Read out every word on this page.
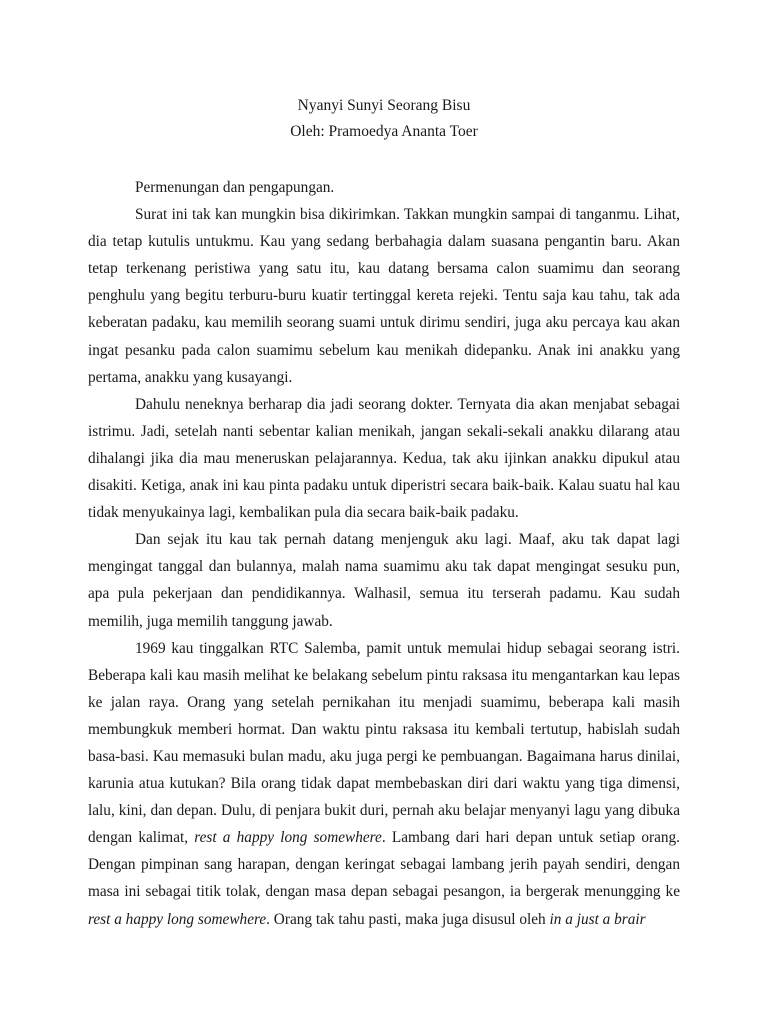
Nyanyi Sunyi Seorang Bisu
Oleh: Pramoedya Ananta Toer

Permenungan dan pengapungan.

Surat ini tak kan mungkin bisa dikirimkan. Takkan mungkin sampai di tanganmu. Lihat, dia tetap kutulis untukmu. Kau yang sedang berbahagia dalam suasana pengantin baru. Akan tetap terkenang peristiwa yang satu itu, kau datang bersama calon suamimu dan seorang penghulu yang begitu terburu-buru kuatir tertinggal kereta rejeki. Tentu saja kau tahu, tak ada keberatan padaku, kau memilih seorang suami untuk dirimu sendiri, juga aku percaya kau akan ingat pesanku pada calon suamimu sebelum kau menikah didepanku. Anak ini anakku yang pertama, anakku yang kusayangi.

Dahulu neneknya berharap dia jadi seorang dokter. Ternyata dia akan menjabat sebagai istrimu. Jadi, setelah nanti sebentar kalian menikah, jangan sekali-sekali anakku dilarang atau dihalangi jika dia mau meneruskan pelajarannya. Kedua, tak aku ijinkan anakku dipukul atau disakiti. Ketiga, anak ini kau pinta padaku untuk diperistri secara baik-baik. Kalau suatu hal kau tidak menyukainya lagi, kembalikan pula dia secara baik-baik padaku.

Dan sejak itu kau tak pernah datang menjenguk aku lagi. Maaf, aku tak dapat lagi mengingat tanggal dan bulannya, malah nama suamimu aku tak dapat mengingat sesuku pun, apa pula pekerjaan dan pendidikannya. Walhasil, semua itu terserah padamu. Kau sudah memilih, juga memilih tanggung jawab.

1969 kau tinggalkan RTC Salemba, pamit untuk memulai hidup sebagai seorang istri. Beberapa kali kau masih melihat ke belakang sebelum pintu raksasa itu mengantarkan kau lepas ke jalan raya. Orang yang setelah pernikahan itu menjadi suamimu, beberapa kali masih membungkuk memberi hormat. Dan waktu pintu raksasa itu kembali tertutup, habislah sudah basa-basi. Kau memasuki bulan madu, aku juga pergi ke pembuangan. Bagaimana harus dinilai, karunia atua kutukan? Bila orang tidak dapat membebaskan diri dari waktu yang tiga dimensi, lalu, kini, dan depan. Dulu, di penjara bukit duri, pernah aku belajar menyanyi lagu yang dibuka dengan kalimat, rest a happy long somewhere. Lambang dari hari depan untuk setiap orang. Dengan pimpinan sang harapan, dengan keringat sebagai lambang jerih payah sendiri, dengan masa ini sebagai titik tolak, dengan masa depan sebagai pesangon, ia bergerak menungging ke rest a happy long somewhere. Orang tak tahu pasti, maka juga disusul oleh in a just a brair
